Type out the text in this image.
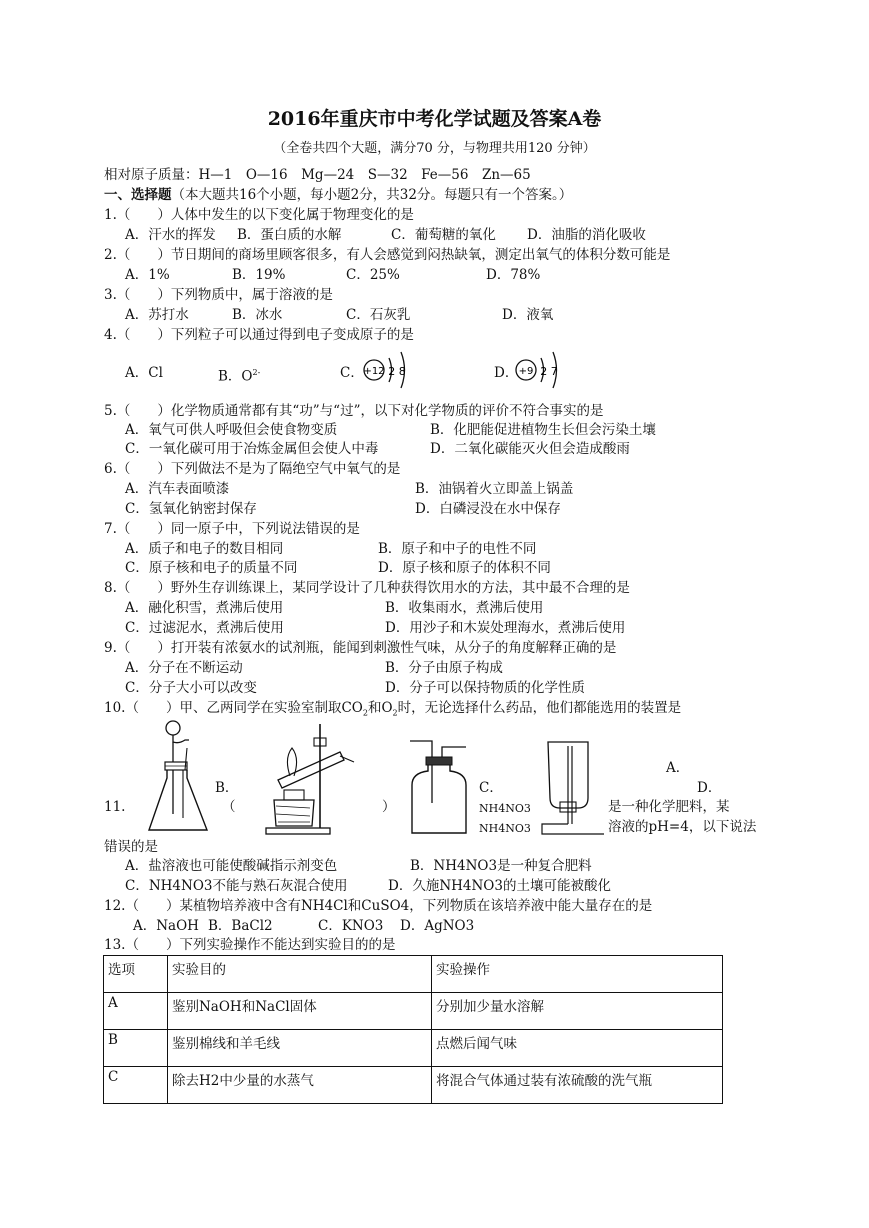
2016年重庆市中考化学试题及答案A卷
（全卷共四个大题，满分70 分，与物理共用120 分钟）
相对原子质量：H—1　O—16　Mg—24　S—32　Fe—56　Zn—65
一、选择题（本大题共16个小题，每小题2分，共32分。每题只有一个答案。）
1.（　　）人体中发生的以下变化属于物理变化的是
A．汗水的挥发 B．蛋白质的水解	C．葡萄糖的氧化 D．油脂的消化吸收
2.（　　）节日期间的商场里顾客很多，有人会感觉到闷热缺氧，测定出氧气的体积分数可能是
A．1%	B．19%	C．25%	D．78%
3.（　　）下列物质中，属于溶液的是
A．苏打水	B．冰水	C．石灰乳	D．液氧
4.（　　）下列粒子可以通过得到电子变成原子的是
A．Cl	B．$O^{2-}$	C． +12 2 8	D． +9 2 7
5.（　　）化学物质通常都有其“功”与“过”，以下对化学物质的评价不符合事实的是
A．氧气可供人呼吸但会使食物变质	B．化肥能促进植物生长但会污染土壤
C．一氧化碳可用于冶炼金属但会使人中毒	D．二氧化碳能灭火但会造成酸雨
6.（　　）下列做法不是为了隔绝空气中氧气的是
A．汽车表面喷漆	B．油锅着火立即盖上锅盖
C．氢氧化钠密封保存	D．白磷浸没在水中保存
7.（　　）同一原子中，下列说法错误的是
A．质子和电子的数目相同	B．原子和中子的电性不同
C．原子核和电子的质量不同	D．原子核和原子的体积不同
8.（　　）野外生存训练课上，某同学设计了几种获得饮用水的方法，其中最不合理的是
A．融化积雪，煮沸后使用	B．收集雨水，煮沸后使用
C．过滤泥水，煮沸后使用	D．用沙子和木炭处理海水，煮沸后使用
9.（　　）打开装有浓氨水的试剂瓶，能闻到刺激性气味，从分子的角度解释正确的是
A．分子在不断运动	B．分子由原子构成
C．分子大小可以改变	D．分子可以保持物质的化学性质
10.（　　）甲、乙两同学在实验室制取$CO_2$和$O_2$时，无论选择什么药品，他们都能选用的装置是
B．
（	）
C．
A．
D．
11.	NH4NO3
NH4NO3
是一种化学肥料，某
溶液的pH=4，以下说法
错误的是
A．盐溶液也可能使酸碱指示剂变色	B．NH4NO3是一种复合肥料
C．NH4NO3不能与熟石灰混合使用	D．久施NH4NO3的土壤可能被酸化
12.（　　）某植物培养液中含有NH4Cl和CuSO4，下列物质在该培养液中能大量存在的是
A．NaOH B．BaCl2	C．KNO3 D．AgNO3
13.（　　）下列实验操作不能达到实验目的的是
选项	实验目的	实验操作
A	鉴别NaOH和NaCl固体	分别加少量水溶解
B	鉴别棉线和羊毛线	点燃后闻气味
C	除去H2中少量的水蒸气	将混合气体通过装有浓硫酸的洗气瓶
